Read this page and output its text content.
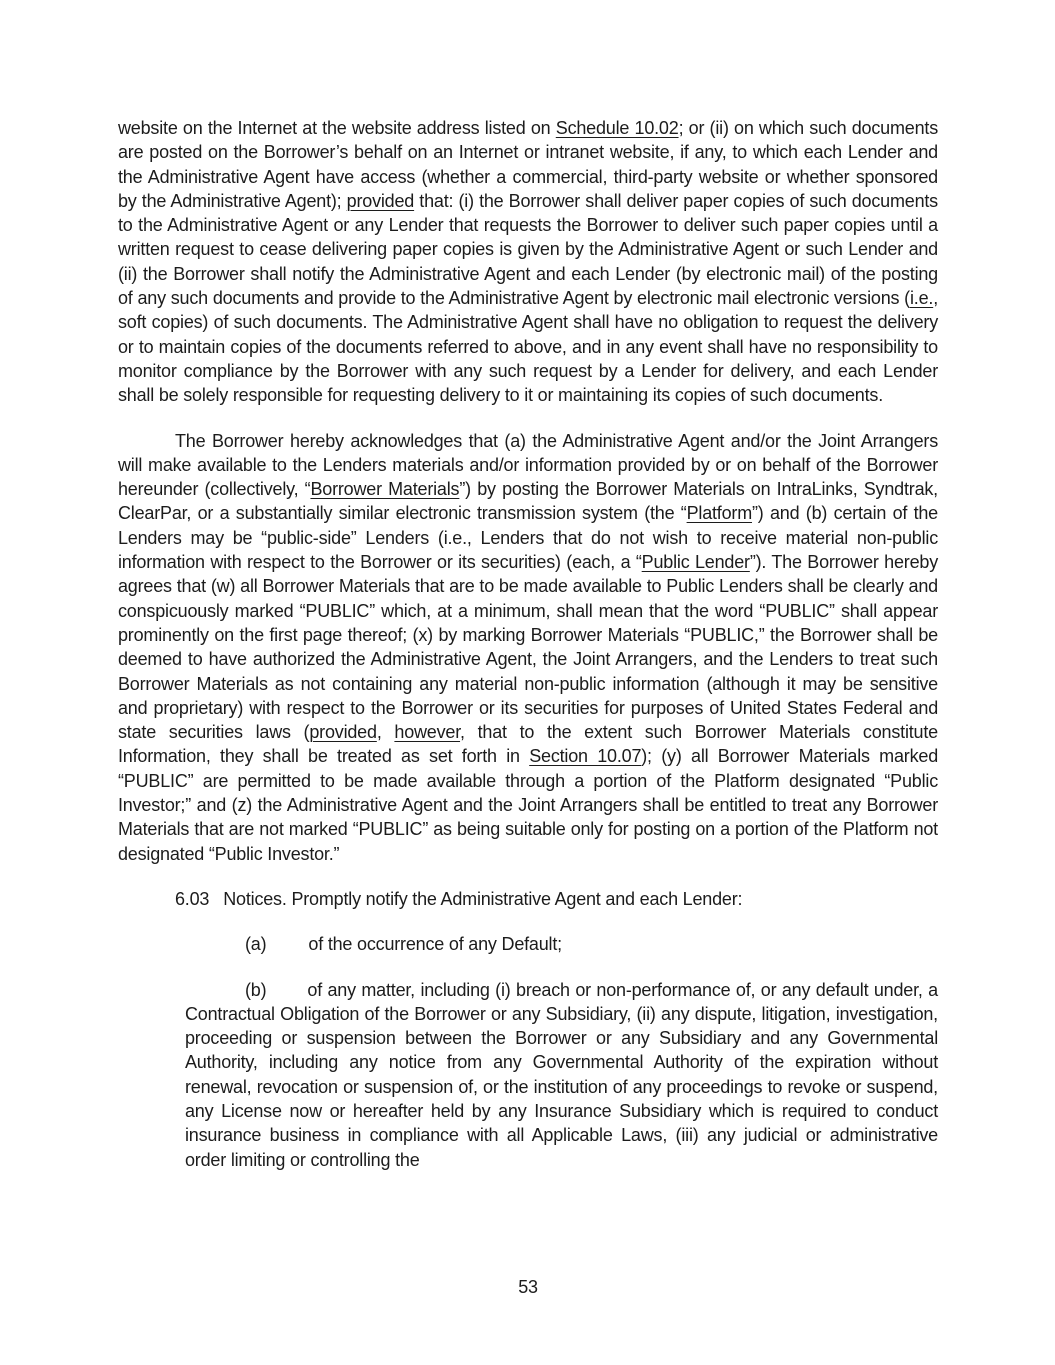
website on the Internet at the website address listed on Schedule 10.02; or (ii) on which such documents are posted on the Borrower’s behalf on an Internet or intranet website, if any, to which each Lender and the Administrative Agent have access (whether a commercial, third-party website or whether sponsored by the Administrative Agent); provided that: (i) the Borrower shall deliver paper copies of such documents to the Administrative Agent or any Lender that requests the Borrower to deliver such paper copies until a written request to cease delivering paper copies is given by the Administrative Agent or such Lender and (ii) the Borrower shall notify the Administrative Agent and each Lender (by electronic mail) of the posting of any such documents and provide to the Administrative Agent by electronic mail electronic versions (i.e., soft copies) of such documents. The Administrative Agent shall have no obligation to request the delivery or to maintain copies of the documents referred to above, and in any event shall have no responsibility to monitor compliance by the Borrower with any such request by a Lender for delivery, and each Lender shall be solely responsible for requesting delivery to it or maintaining its copies of such documents.

The Borrower hereby acknowledges that (a) the Administrative Agent and/or the Joint Arrangers will make available to the Lenders materials and/or information provided by or on behalf of the Borrower hereunder (collectively, “Borrower Materials”) by posting the Borrower Materials on IntraLinks, Syndtrak, ClearPar, or a substantially similar electronic transmission system (the “Platform”) and (b) certain of the Lenders may be “public-side” Lenders (i.e., Lenders that do not wish to receive material non-public information with respect to the Borrower or its securities) (each, a “Public Lender”). The Borrower hereby agrees that (w) all Borrower Materials that are to be made available to Public Lenders shall be clearly and conspicuously marked “PUBLIC” which, at a minimum, shall mean that the word “PUBLIC” shall appear prominently on the first page thereof; (x) by marking Borrower Materials “PUBLIC,” the Borrower shall be deemed to have authorized the Administrative Agent, the Joint Arrangers, and the Lenders to treat such Borrower Materials as not containing any material non-public information (although it may be sensitive and proprietary) with respect to the Borrower or its securities for purposes of United States Federal and state securities laws (provided, however, that to the extent such Borrower Materials constitute Information, they shall be treated as set forth in Section 10.07); (y) all Borrower Materials marked “PUBLIC” are permitted to be made available through a portion of the Platform designated “Public Investor;” and (z) the Administrative Agent and the Joint Arrangers shall be entitled to treat any Borrower Materials that are not marked “PUBLIC” as being suitable only for posting on a portion of the Platform not designated “Public Investor.”

6.03 Notices. Promptly notify the Administrative Agent and each Lender:

(a) of the occurrence of any Default;

(b) of any matter, including (i) breach or non-performance of, or any default under, a Contractual Obligation of the Borrower or any Subsidiary, (ii) any dispute, litigation, investigation, proceeding or suspension between the Borrower or any Subsidiary and any Governmental Authority, including any notice from any Governmental Authority of the expiration without renewal, revocation or suspension of, or the institution of any proceedings to revoke or suspend, any License now or hereafter held by any Insurance Subsidiary which is required to conduct insurance business in compliance with all Applicable Laws, (iii) any judicial or administrative order limiting or controlling the

53
